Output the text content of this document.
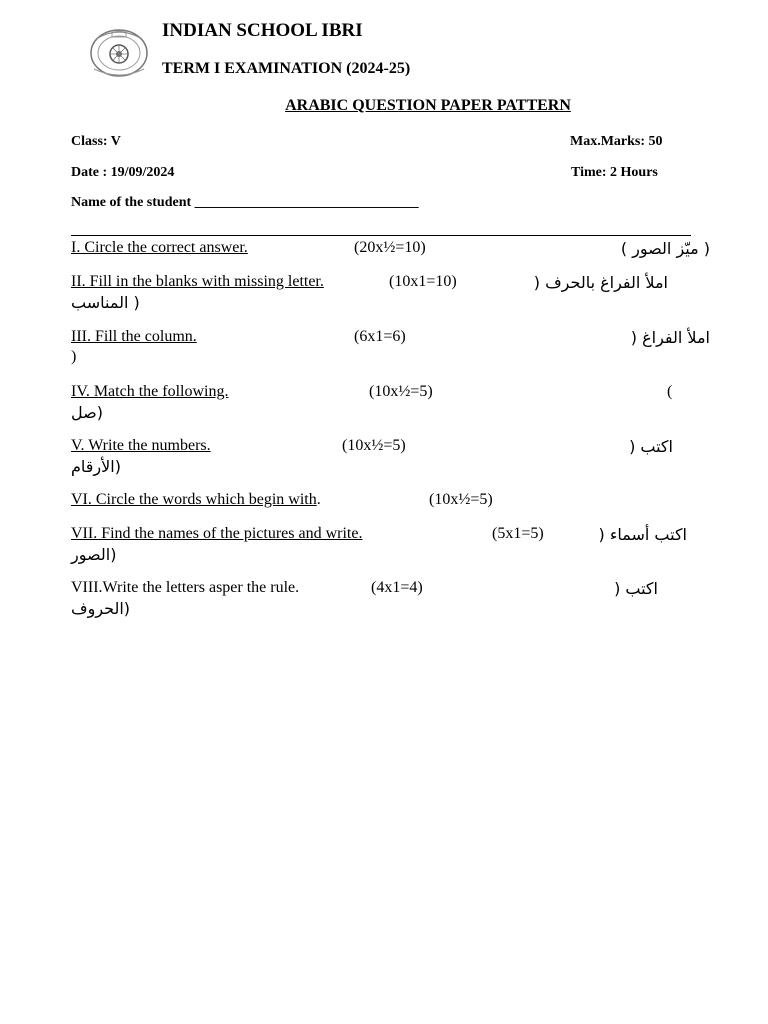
INDIAN SCHOOL IBRI
TERM I EXAMINATION (2024-25)
ARABIC QUESTION PAPER PATTERN
Class: V	Max.Marks: 50
Date : 19/09/2024	Time: 2 Hours
Name of the student ________________________________
I. Circle the correct answer.	(20x½=10)	( ميّز الصور )
II. Fill in the blanks with missing letter.	(10x1=10)	املأ الفراغ بالحرف (
المناسب )
III. Fill the column.	(6x1=6)	املأ الفراغ (
)
IV. Match the following.	(10x½=5)	(
صل)
V. Write the numbers.	(10x½=5)	اكتب (
الأرقام)
VI. Circle the words which begin with.	(10x½=5)
VII. Find the names of the pictures and write.	(5x1=5)	اكتب أسماء (
الصور)
VIII.Write the letters asper the rule.	(4x1=4)	اكتب (
الحروف)
